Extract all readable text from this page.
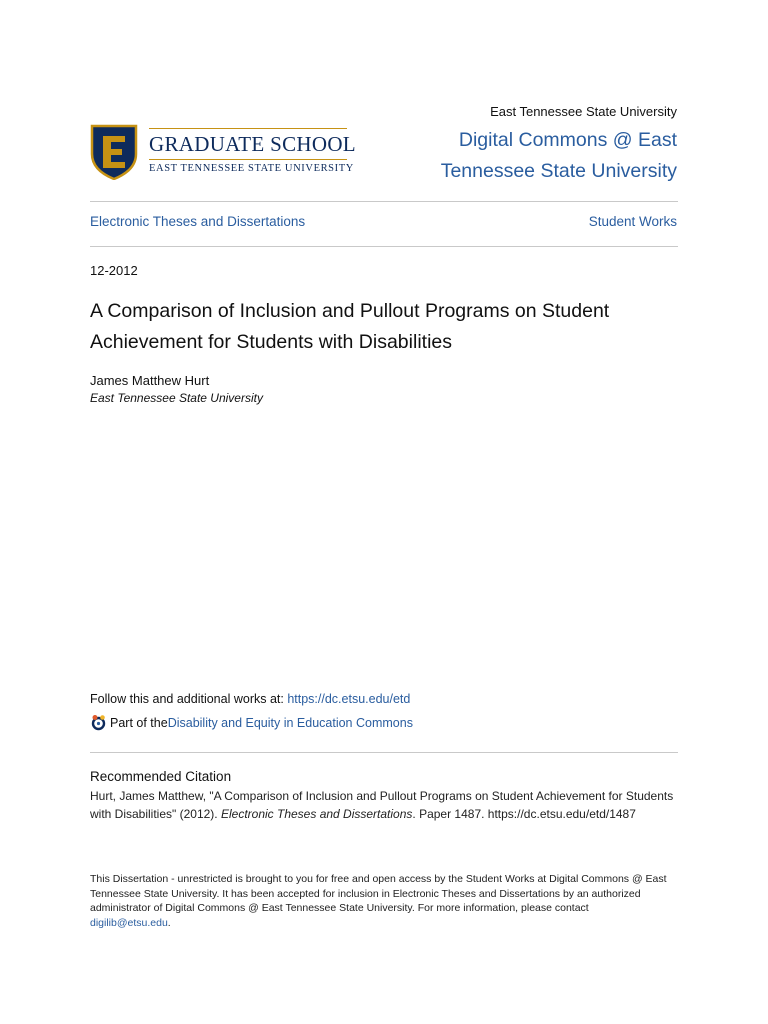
GRADUATE SCHOOL
EAST TENNESSEE STATE UNIVERSITY
East Tennessee State University
Digital Commons @ East Tennessee State University
Electronic Theses and Dissertations	Student Works
12-2012
A Comparison of Inclusion and Pullout Programs on Student Achievement for Students with Disabilities
James Matthew Hurt
East Tennessee State University
Follow this and additional works at: https://dc.etsu.edu/etd
Part of the Disability and Equity in Education Commons
Recommended Citation
Hurt, James Matthew, "A Comparison of Inclusion and Pullout Programs on Student Achievement for Students with Disabilities" (2012). Electronic Theses and Dissertations. Paper 1487. https://dc.etsu.edu/etd/1487
This Dissertation - unrestricted is brought to you for free and open access by the Student Works at Digital Commons @ East Tennessee State University. It has been accepted for inclusion in Electronic Theses and Dissertations by an authorized administrator of Digital Commons @ East Tennessee State University. For more information, please contact digilib@etsu.edu.
